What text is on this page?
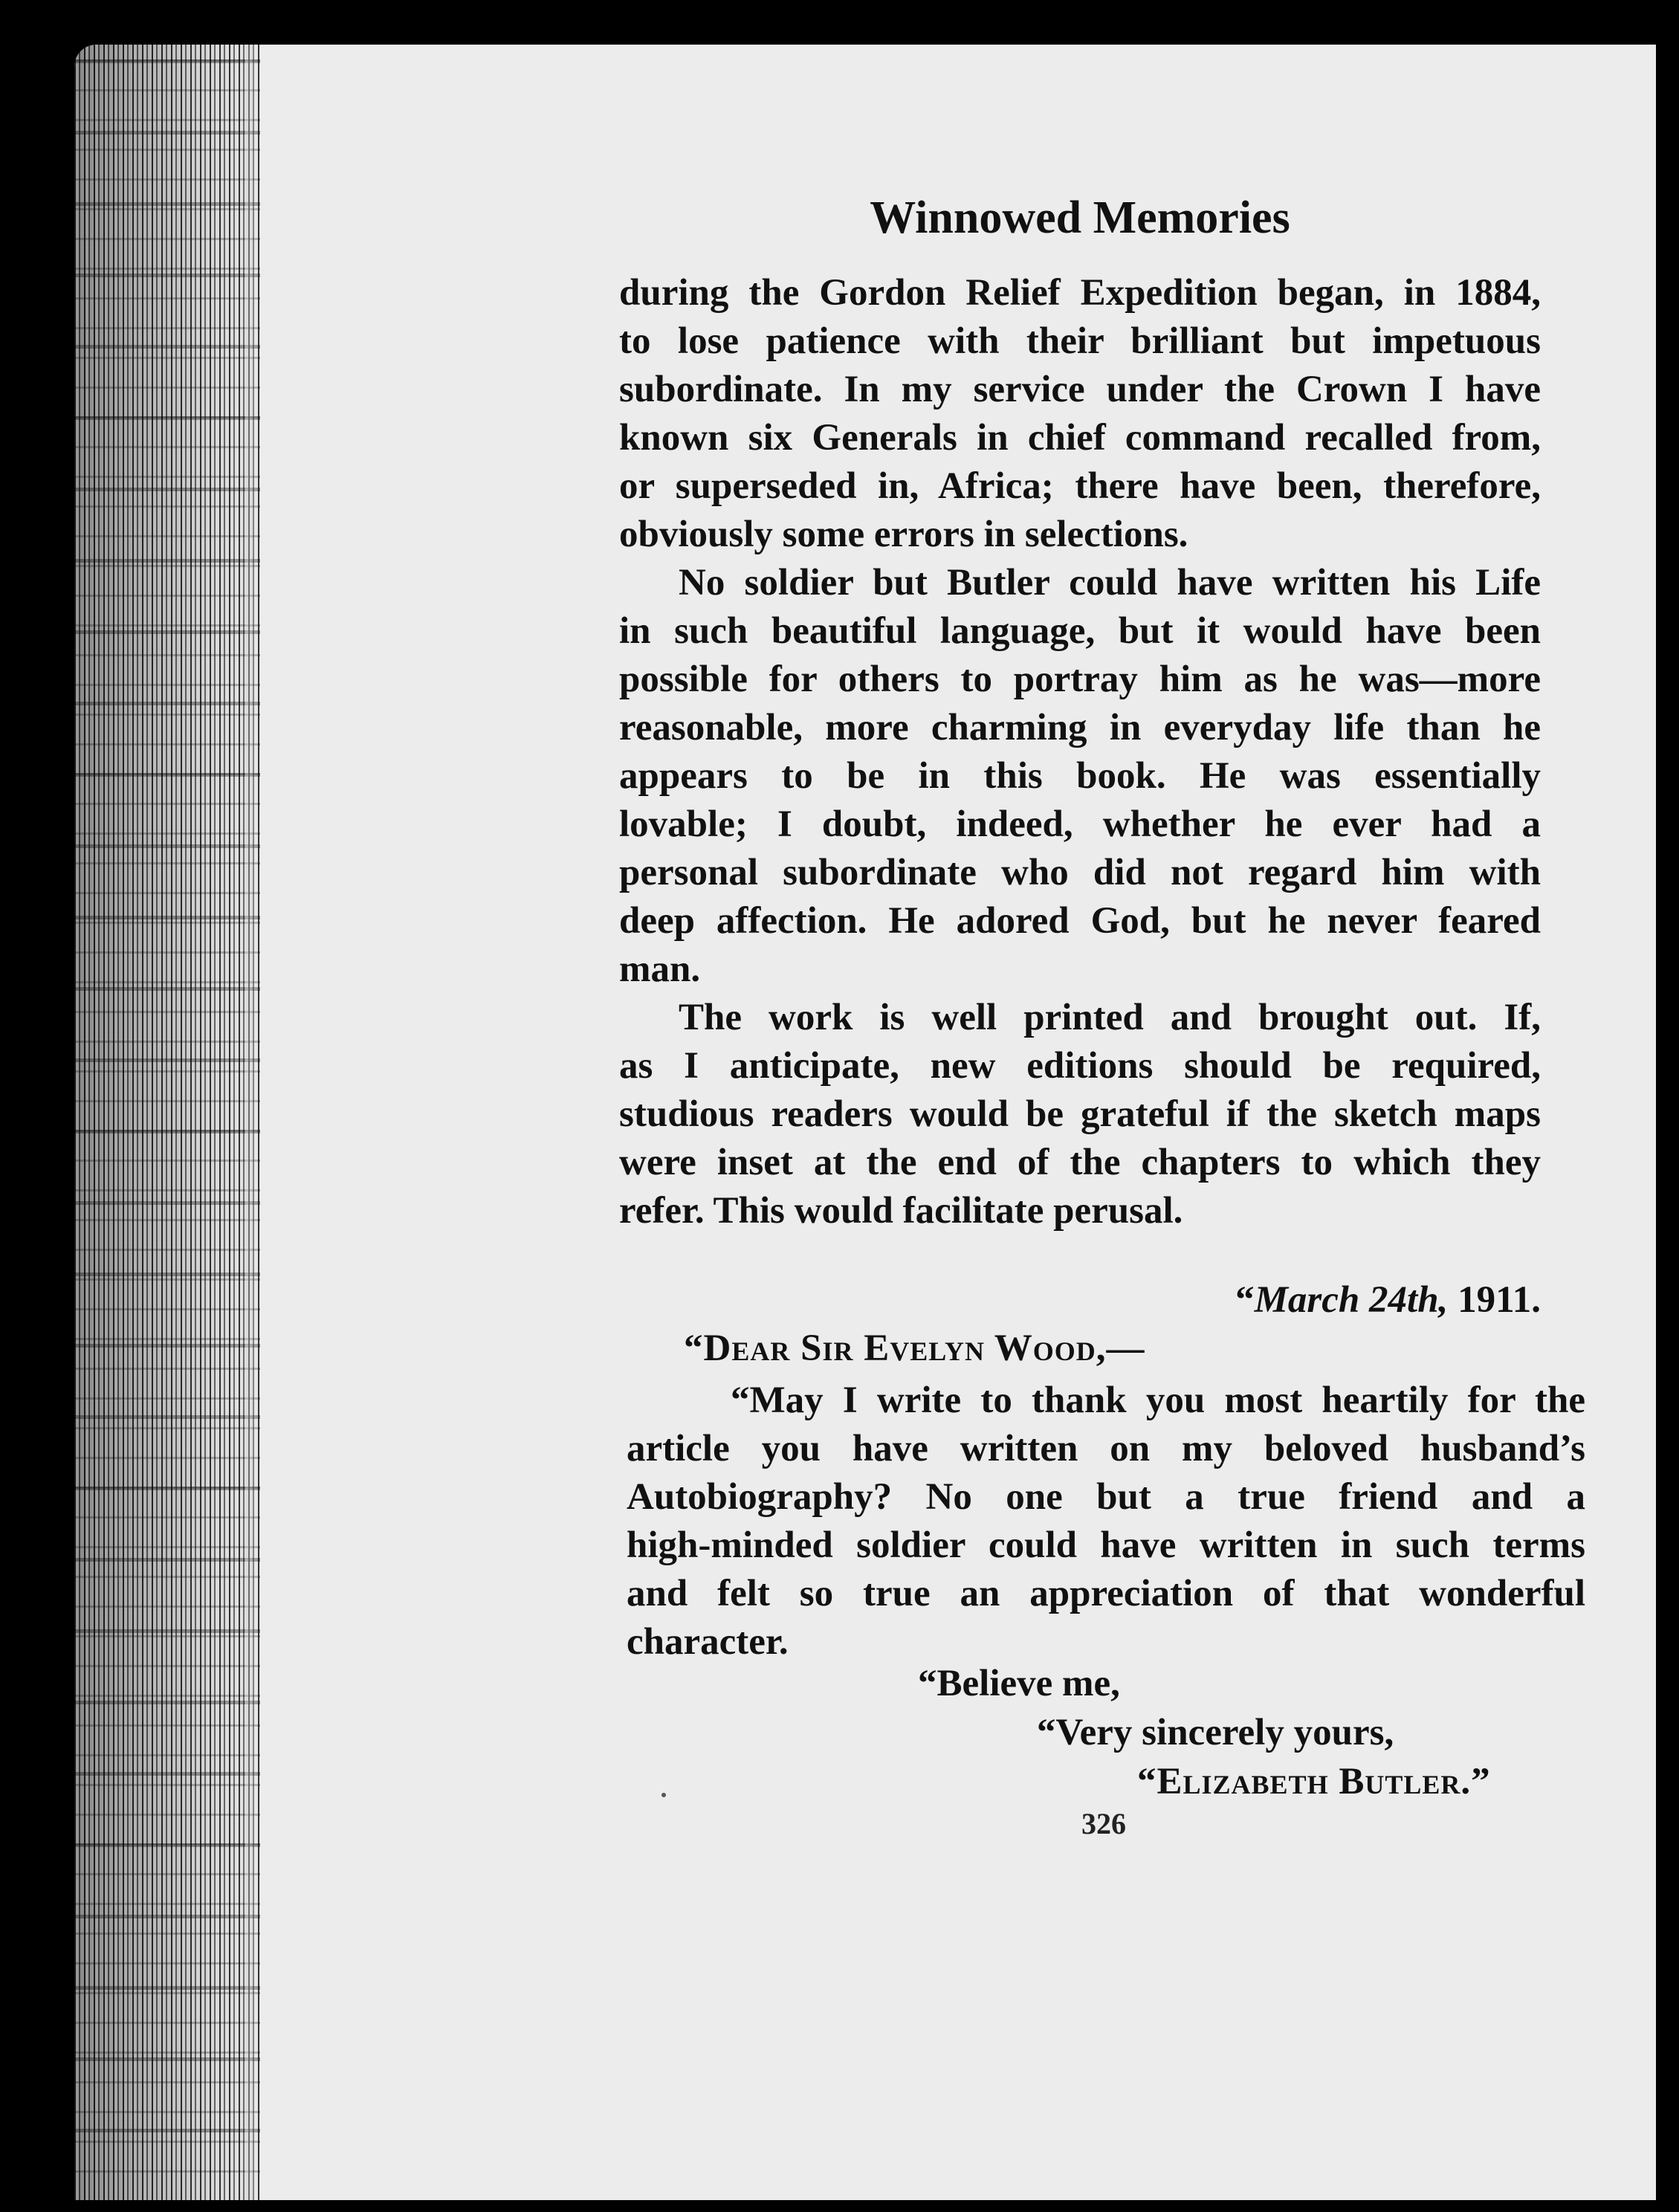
Winnowed Memories
during the Gordon Relief Expedition began, in 1884,
to lose patience with their brilliant but impetuous
subordinate. In my service under the Crown I have
known six Generals in chief command recalled from,
or superseded in, Africa; there have been, therefore,
obviously some errors in selections.
No soldier but Butler could have written his Life
in such beautiful language, but it would have been
possible for others to portray him as he was—more
reasonable, more charming in everyday life than he
appears to be in this book. He was essentially
lovable; I doubt, indeed, whether he ever had a
personal subordinate who did not regard him with
deep affection. He adored God, but he never feared
man.
The work is well printed and brought out. If,
as I anticipate, new editions should be required,
studious readers would be grateful if the sketch maps
were inset at the end of the chapters to which they
refer. This would facilitate perusal.
“March 24th, 1911.
“Dear Sir Evelyn Wood,—
“May I write to thank you most heartily for the
article you have written on my beloved husband’s
Autobiography? No one but a true friend and a
high-minded soldier could have written in such terms
and felt so true an appreciation of that wonderful
character.
“Believe me,
“Very sincerely yours,
“Elizabeth Butler.”
326
